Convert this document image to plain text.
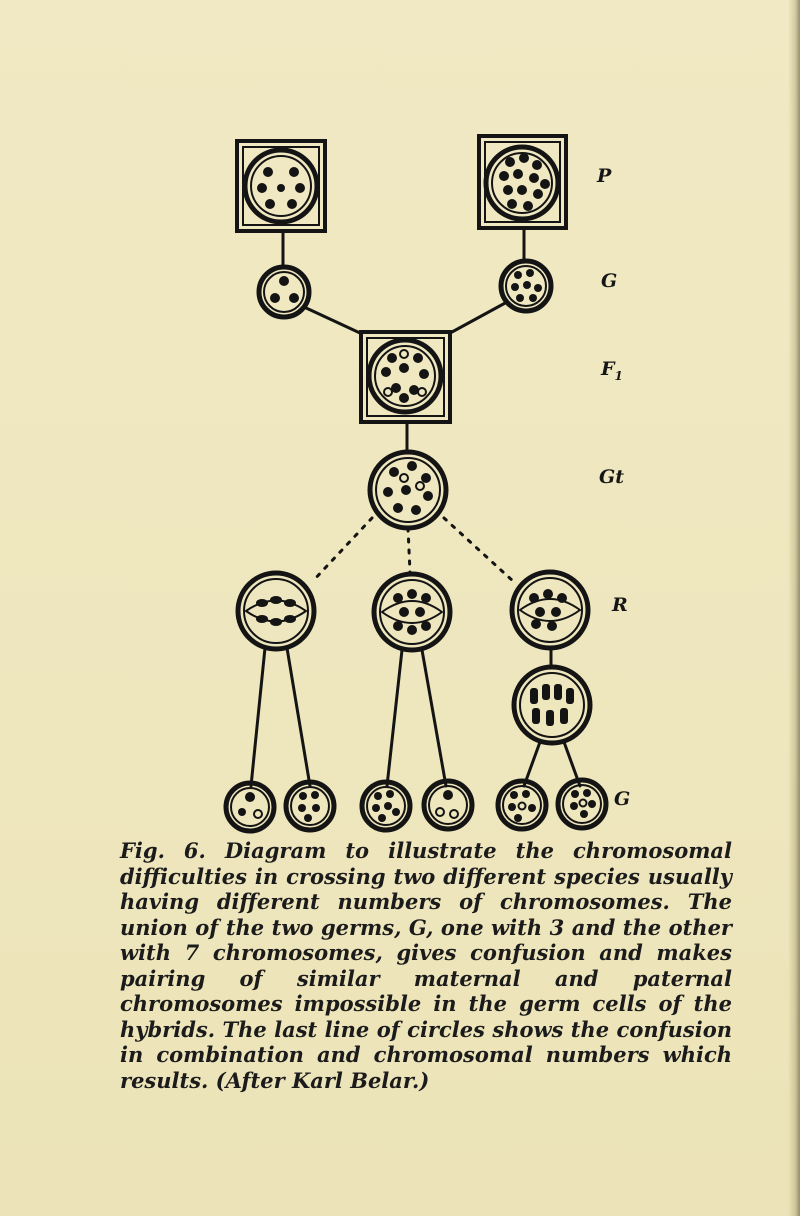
P
G
$F_1$
Gt
R
G

Fig. 6. Diagram to illustrate the chromosomal difficulties in crossing two different species usually having different numbers of chromosomes. The union of the two germs, G, one with 3 and the other with 7 chromosomes, gives confusion and makes pairing of similar maternal and paternal chromosomes impossible in the germ cells of the hybrids. The last line of circles shows the confusion in combination and chromosomal numbers which results. (After Karl Belar.)
